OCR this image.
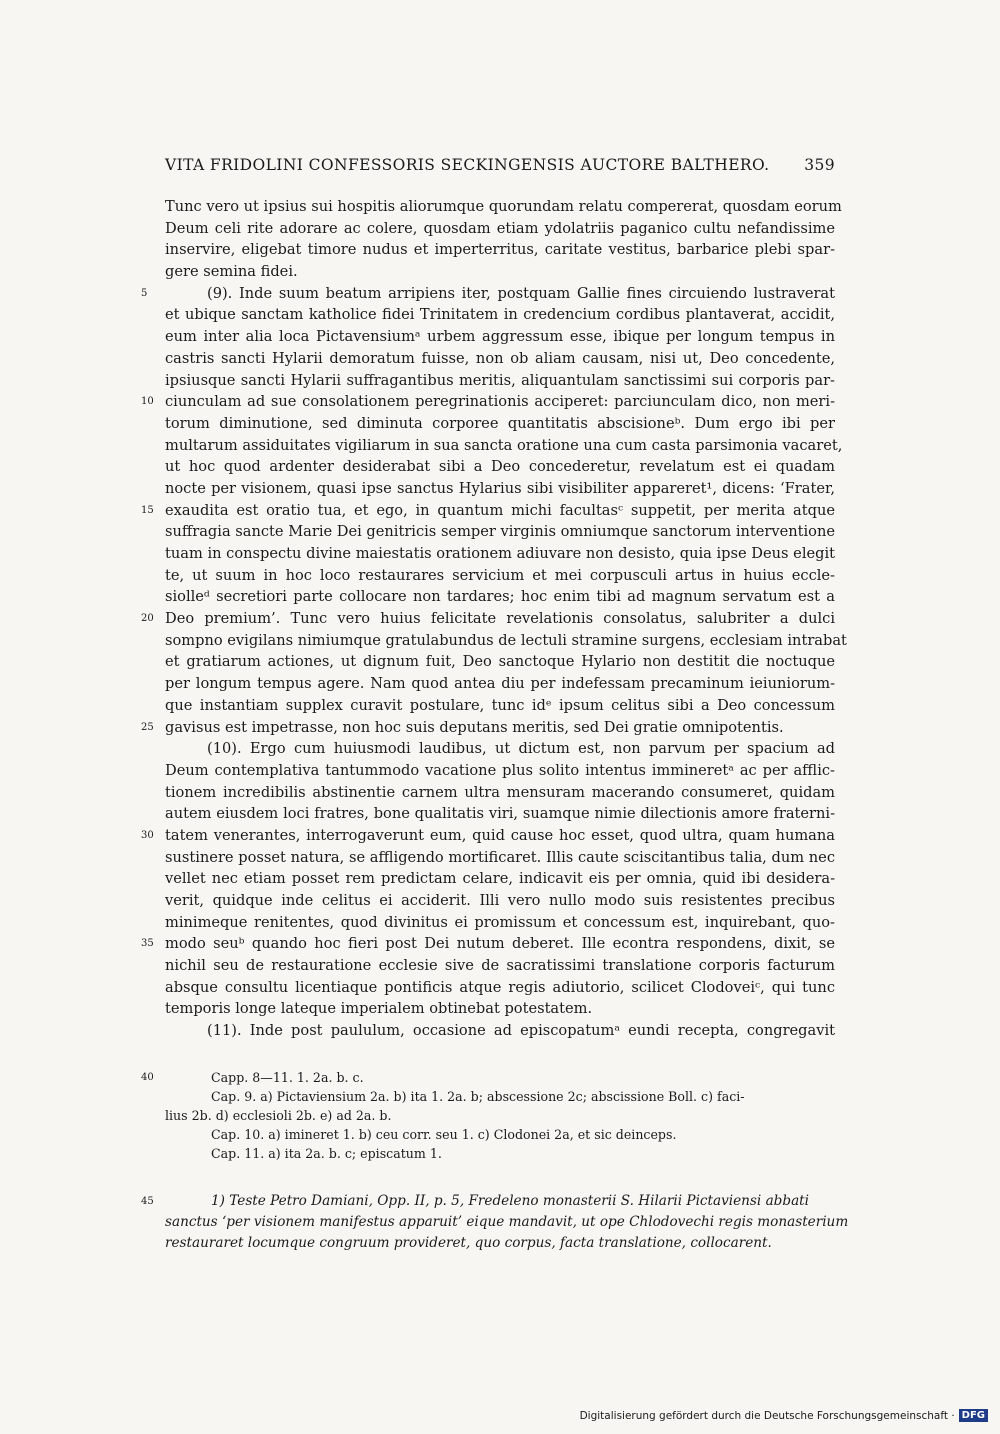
VITA FRIDOLINI CONFESSORIS SECKINGENSIS AUCTORE BALTHERO. 359
Tunc vero ut ipsius sui hospitis aliorumque quorundam relatu compererat, quosdam eorum
Deum celi rite adorare ac colere, quosdam etiam ydolatriis paganico cultu nefandissime
inservire, eligebat timore nudus et imperterritus, caritate vestitus, barbarice plebi spar-
gere semina fidei.
5	(9). Inde suum beatum arripiens iter, postquam Gallie fines circuiendo lustraverat
et ubique sanctam katholice fidei Trinitatem in credencium cordibus plantaverat, accidit,
eum inter alia loca Pictavensiumᵃ urbem aggressum esse, ibique per longum tempus in
castris sancti Hylarii demoratum fuisse, non ob aliam causam, nisi ut, Deo concedente,
ipsiusque sancti Hylarii suffragantibus meritis, aliquantulam sanctissimi sui corporis par-
10 ciunculam ad sue consolationem peregrinationis acciperet: parciunculam dico, non meri-
torum diminutione, sed diminuta corporee quantitatis abscisioneᵇ. Dum ergo ibi per
multarum assiduitates vigiliarum in sua sancta oratione una cum casta parsimonia vacaret,
ut hoc quod ardenter desiderabat sibi a Deo concederetur, revelatum est ei quadam
nocte per visionem, quasi ipse sanctus Hylarius sibi visibiliter appareret¹, dicens: ‘Frater,
15 exaudita est oratio tua, et ego, in quantum michi facultasᶜ suppetit, per merita atque
suffragia sancte Marie Dei genitricis semper virginis omniumque sanctorum interventione
tuam in conspectu divine maiestatis orationem adiuvare non desisto, quia ipse Deus elegit
te, ut suum in hoc loco restaurares servicium et mei corpusculi artus in huius eccle-
siolleᵈ secretiori parte collocare non tardares; hoc enim tibi ad magnum servatum est a
20 Deo premium’. Tunc vero huius felicitate revelationis consolatus, salubriter a dulci
sompno evigilans nimiumque gratulabundus de lectuli stramine surgens, ecclesiam intrabat
et gratiarum actiones, ut dignum fuit, Deo sanctoque Hylario non destitit die noctuque
per longum tempus agere. Nam quod antea diu per indefessam precaminum ieiuniorum-
que instantiam supplex curavit postulare, tunc idᵉ ipsum celitus sibi a Deo concessum
25 gavisus est impetrasse, non hoc suis deputans meritis, sed Dei gratie omnipotentis.
(10). Ergo cum huiusmodi laudibus, ut dictum est, non parvum per spacium ad
Deum contemplativa tantummodo vacatione plus solito intentus immineretᵃ ac per afflic-
tionem incredibilis abstinentie carnem ultra mensuram macerando consumeret, quidam
autem eiusdem loci fratres, bone qualitatis viri, suamque nimie dilectionis amore fraterni-
30 tatem venerantes, interrogaverunt eum, quid cause hoc esset, quod ultra, quam humana
sustinere posset natura, se affligendo mortificaret. Illis caute sciscitantibus talia, dum nec
vellet nec etiam posset rem predictam celare, indicavit eis per omnia, quid ibi desidera-
verit, quidque inde celitus ei acciderit. Illi vero nullo modo suis resistentes precibus
minimeque renitentes, quod divinitus ei promissum et concessum est, inquirebant, quo-
35 modo seuᵇ quando hoc fieri post Dei nutum deberet. Ille econtra respondens, dixit, se
nichil seu de restauratione ecclesie sive de sacratissimi translatione corporis facturum
absque consultu licentiaque pontificis atque regis adiutorio, scilicet Clodoveiᶜ, qui tunc
temporis longe lateque imperialem obtinebat potestatem.
(11). Inde post paululum, occasione ad episcopatumᵃ eundi recepta, congregavit
40	Capp. 8—11. 1. 2a. b. c.
Cap. 9. a) Pictaviensium 2a. b) ita 1. 2a. b; abscessione 2c; abscissione Boll. c) faci-
lius 2b. d) ecclesioli 2b. e) ad 2a. b.
Cap. 10. a) imineret 1. b) ceu corr. seu 1. c) Clodonei 2a, et sic deinceps.
Cap. 11. a) ita 2a. b. c; episcatum 1.
45	1) Teste Petro Damiani, Opp. II, p. 5, Fredeleno monasterii S. Hilarii Pictaviensi abbati
sanctus ‘per visionem manifestus apparuit’ eique mandavit, ut ope Chlodovechi regis monasterium
restauraret locumque congruum provideret, quo corpus, facta translatione, collocarent.
Digitalisierung gefördert durch die Deutsche Forschungsgemeinschaft · DFG
